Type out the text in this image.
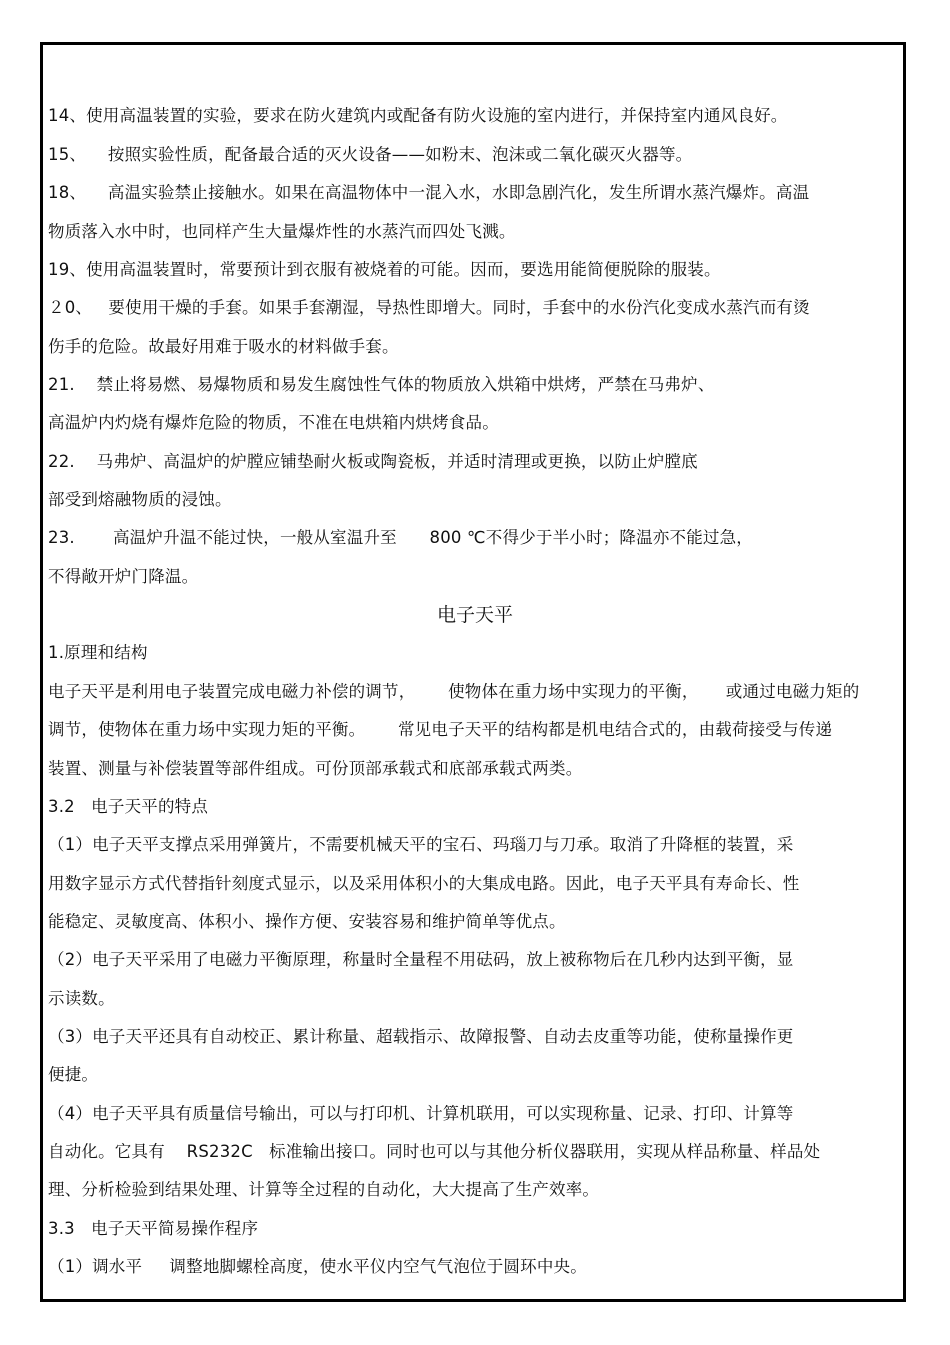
14、使用高温装置的实验，要求在防火建筑内或配备有防火设施的室内进行，并保持室内通风良好。
15、    按照实验性质，配备最合适的灭火设备——如粉末、泡沫或二氧化碳灭火器等。
18、    高温实验禁止接触水。如果在高温物体中一混入水，水即急剧汽化，发生所谓水蒸汽爆炸。高温
物质落入水中时，也同样产生大量爆炸性的水蒸汽而四处飞溅。
19、使用高温装置时，常要预计到衣服有被烧着的可能。因而，要选用能简便脱除的服装。
２0、   要使用干燥的手套。如果手套潮湿，导热性即增大。同时，手套中的水份汽化变成水蒸汽而有烫
伤手的危险。故最好用难于吸水的材料做手套。
21.    禁止将易燃、易爆物质和易发生腐蚀性气体的物质放入烘箱中烘烤，严禁在马弗炉、
高温炉内灼烧有爆炸危险的物质，不准在电烘箱内烘烤食品。
22.    马弗炉、高温炉的炉膛应铺垫耐火板或陶瓷板，并适时清理或更换，以防止炉膛底
部受到熔融物质的浸蚀。
23.       高温炉升温不能过快，一般从室温升至      800 ℃不得少于半小时；降温亦不能过急，
不得敞开炉门降温。
电子天平
1.原理和结构
电子天平是利用电子装置完成电磁力补偿的调节，      使物体在重力场中实现力的平衡，     或通过电磁力矩的
调节，使物体在重力场中实现力矩的平衡。      常见电子天平的结构都是机电结合式的，由载荷接受与传递
装置、测量与补偿装置等部件组成。可份顶部承载式和底部承载式两类。
3.2   电子天平的特点
（1）电子天平支撑点采用弹簧片，不需要机械天平的宝石、玛瑙刀与刀承。取消了升降框的装置，采
用数字显示方式代替指针刻度式显示，以及采用体积小的大集成电路。因此，电子天平具有寿命长、性
能稳定、灵敏度高、体积小、操作方便、安装容易和维护简单等优点。
（2）电子天平采用了电磁力平衡原理，称量时全量程不用砝码，放上被称物后在几秒内达到平衡，显
示读数。
（3）电子天平还具有自动校正、累计称量、超载指示、故障报警、自动去皮重等功能，使称量操作更
便捷。
（4）电子天平具有质量信号输出，可以与打印机、计算机联用，可以实现称量、记录、打印、计算等
自动化。它具有    RS232C   标准输出接口。同时也可以与其他分析仪器联用，实现从样品称量、样品处
理、分析检验到结果处理、计算等全过程的自动化，大大提高了生产效率。
3.3   电子天平简易操作程序
（1）调水平     调整地脚螺栓高度，使水平仪内空气气泡位于圆环中央。
